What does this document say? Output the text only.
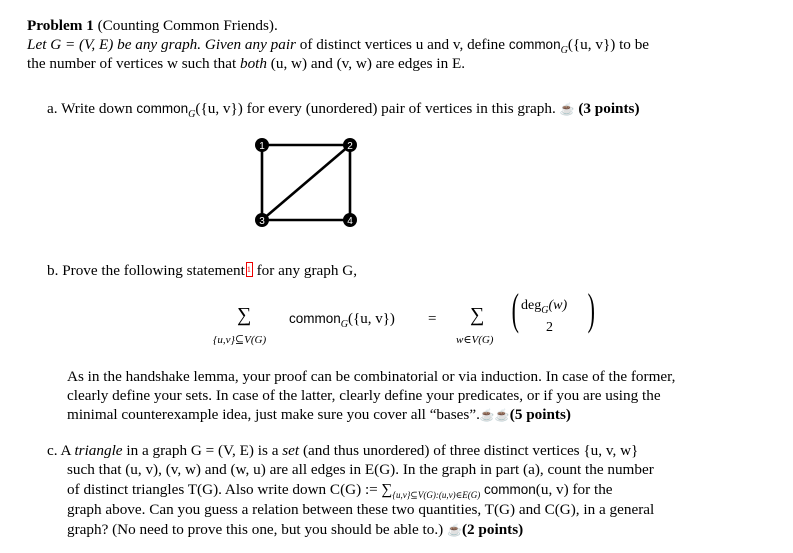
Problem 1 (Counting Common Friends).
Let G = (V, E) be any graph. Given any pair of distinct vertices u and v, define common$_G$({u, v}) to be
the number of vertices w such that both (u, w) and (v, w) are edges in E.
a. Write down common$_G$({u, v}) for every (unordered) pair of vertices in this graph. ☕ (3 points)
1	2
3	4
b. Prove the following statement $^1$ for any graph G,
∑
{u,v}⊆V(G)
common$_G$({u, v}) = ∑
w∈V(G)
( deg$_G$(w)
2 )
As in the handshake lemma, your proof can be combinatorial or via induction. In case of the former,
clearly define your sets. In case of the latter, clearly define your predicates, or if you are using the
minimal counterexample idea, just make sure you cover all “bases”.☕☕(5 points)
c. A triangle in a graph G = (V, E) is a set (and thus unordered) of three distinct vertices {u, v, w}
such that (u, v), (v, w) and (w, u) are all edges in E(G). In the graph in part (a), count the number
of distinct triangles T(G). Also write down C(G) := $\sum_{\{u,v\}⊆V(G):(u,v)\in E(G)}$ common(u, v) for the
graph above. Can you guess a relation between these two quantities, T(G) and C(G), in a general
graph? (No need to prove this one, but you should be able to.) ☕(2 points)
